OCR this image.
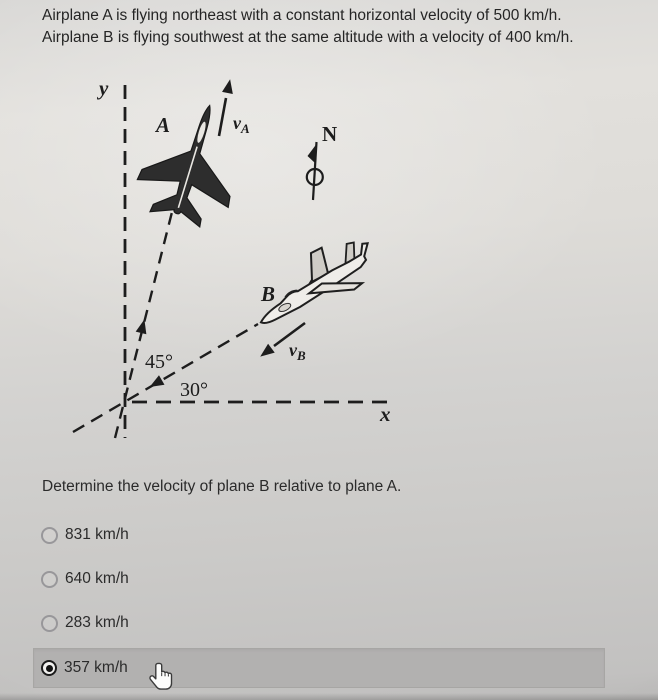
Airplane A is flying northeast with a constant horizontal velocity of 500 km/h.
Airplane B is flying southwest at the same altitude with a velocity of 400 km/h.
y
x
N
A
B
$v_A$
$v_B$
45°
30°
Determine the velocity of plane B relative to plane A.
831 km/h
640 km/h
283 km/h
357 km/h
